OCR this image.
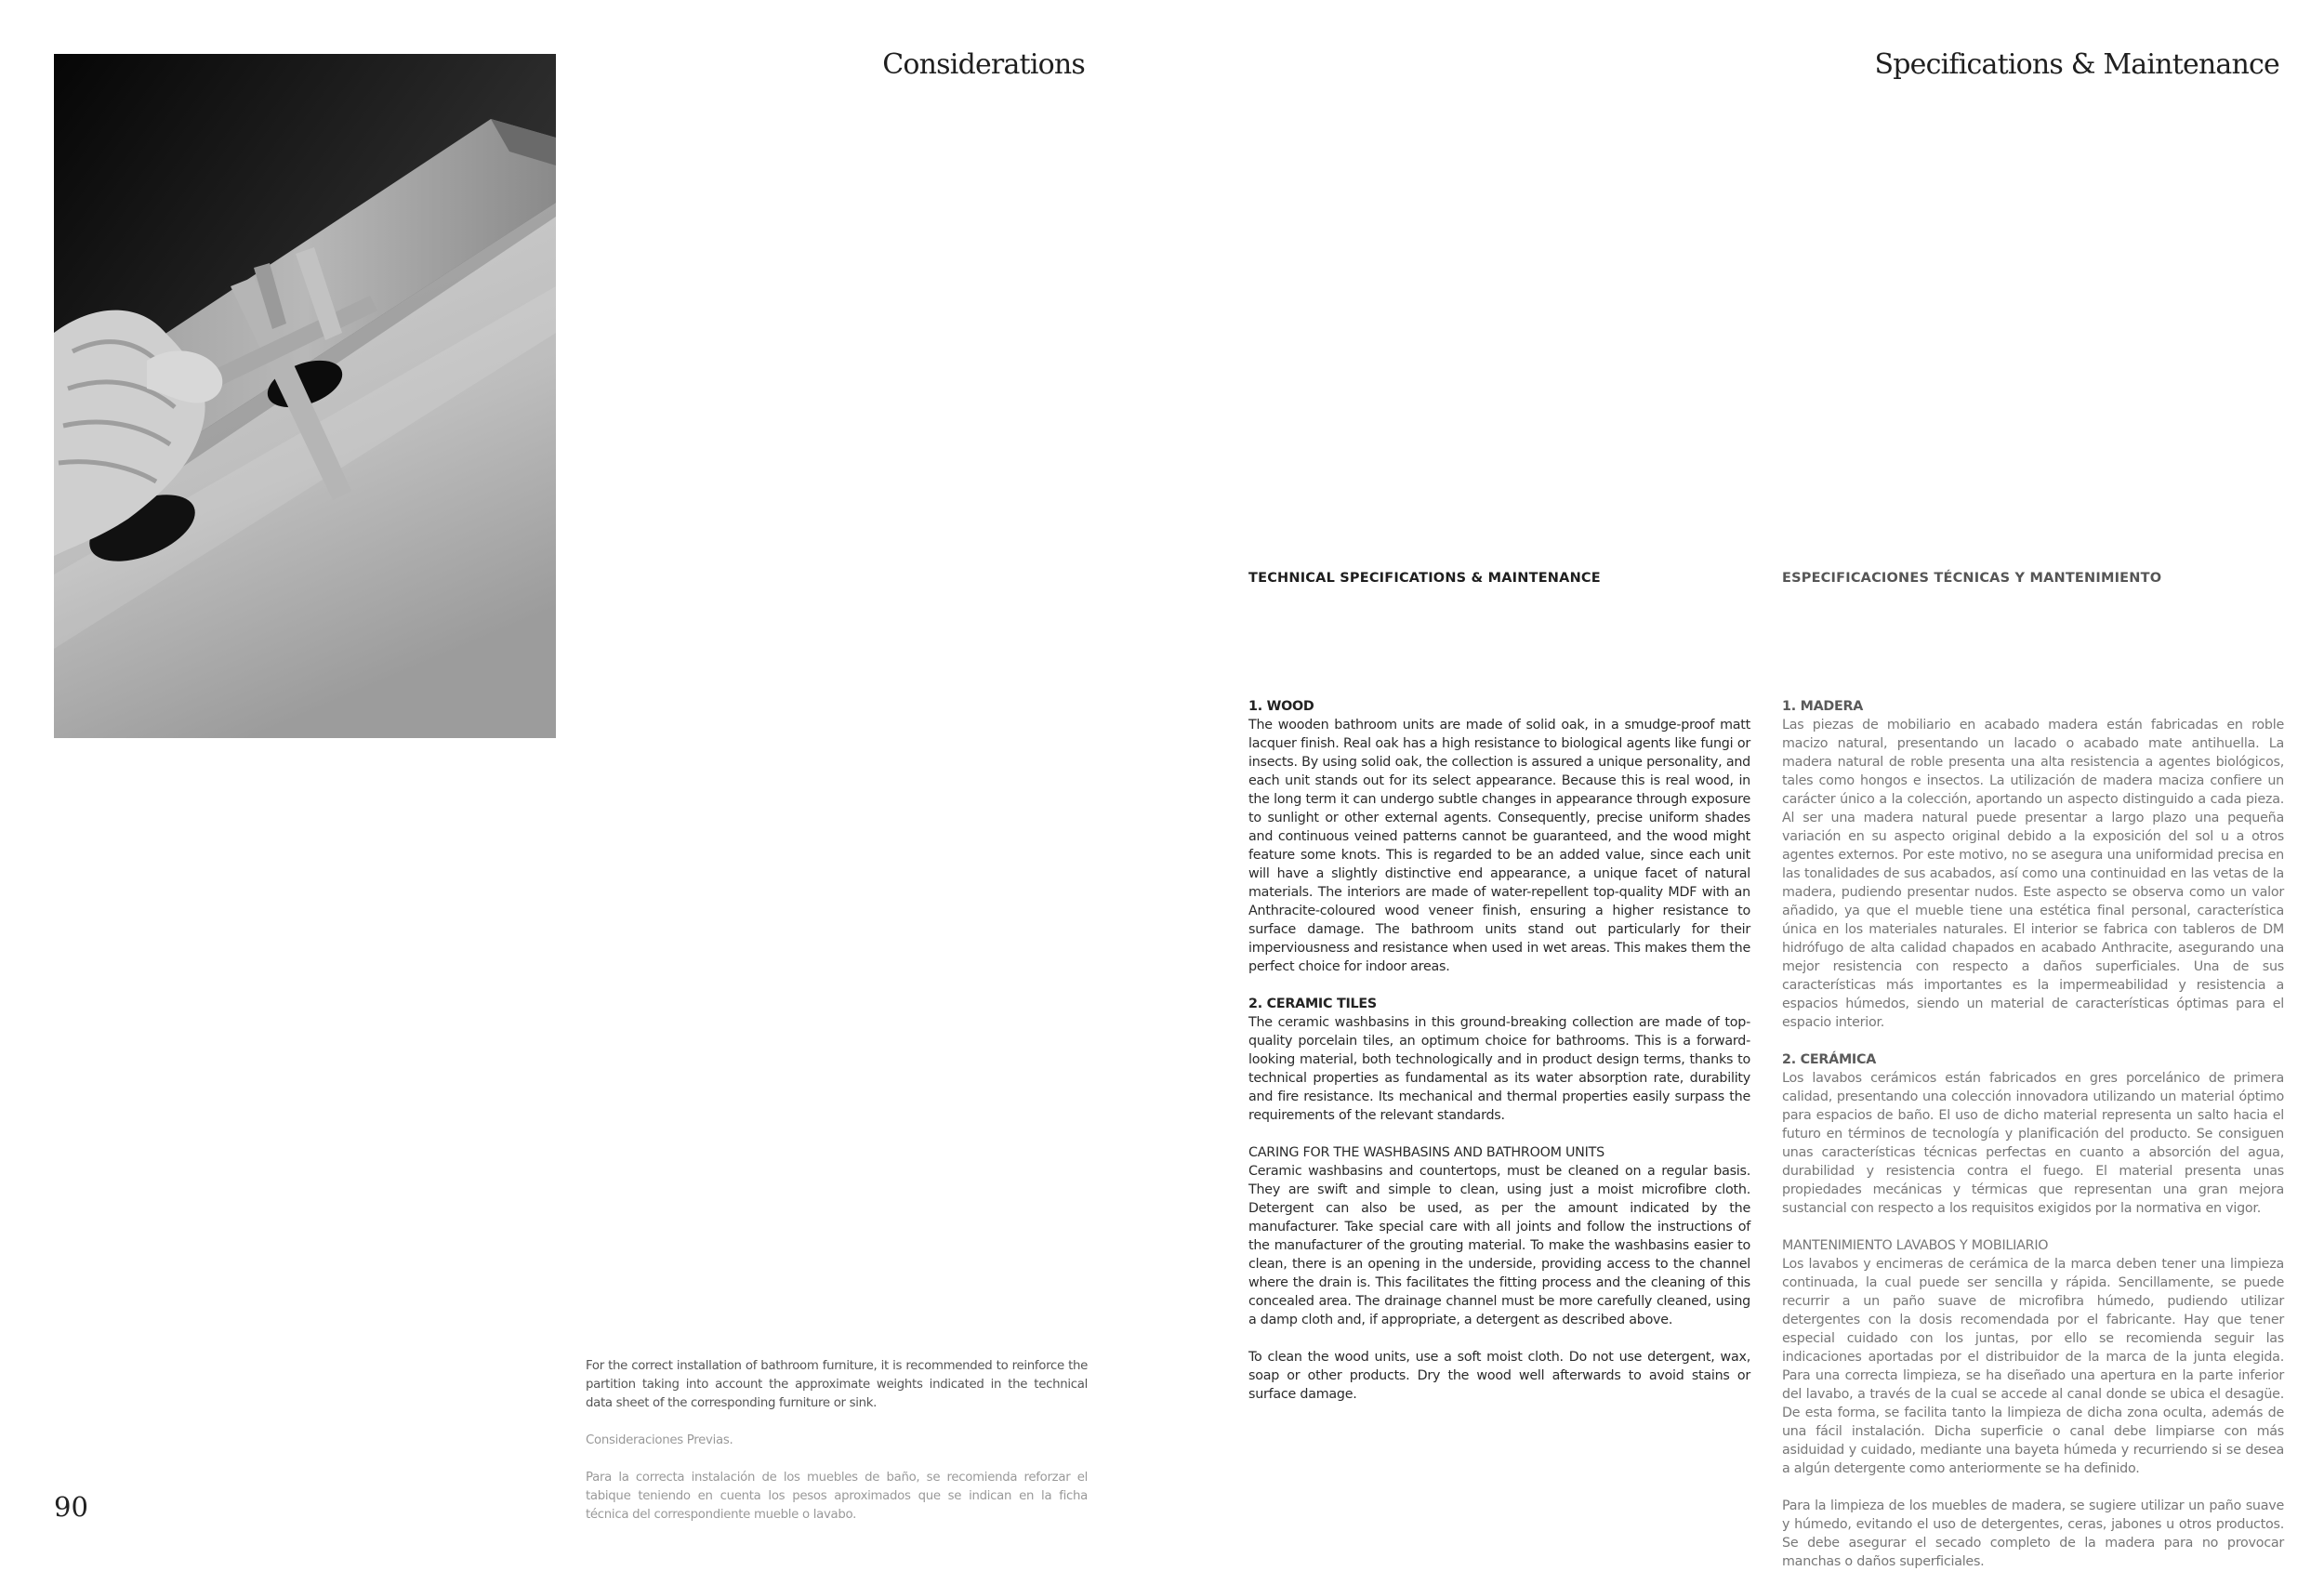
Considerations	Specifications & Maintenance
TECHNICAL SPECIFICATIONS & MAINTENANCE	ESPECIFICACIONES TÉCNICAS Y MANTENIMIENTO

1. WOOD

The wooden bathroom units are made of solid oak, in a smudge-proof matt lacquer finish. Real oak has a high resistance to biological agents like fungi or insects. By using solid oak, the collection is assured a unique personality, and each unit stands out for its select appearance. Because this is real wood, in the long term it can undergo subtle changes in appearance through exposure to sunlight or other external agents. Consequently, precise uniform shades and continuous veined patterns cannot be guaranteed, and the wood might feature some knots. This is regarded to be an added value, since each unit will have a slightly distinctive end appearance, a unique facet of natural materials. The interiors are made of water-repellent top-quality MDF with an Anthracite-coloured wood veneer finish, ensuring a higher resistance to surface damage. The bathroom units stand out particularly for their imperviousness and resistance when used in wet areas. This makes them the perfect choice for indoor areas.

2. CERAMIC TILES

The ceramic washbasins in this ground-breaking collection are made of top-quality porcelain tiles, an optimum choice for bathrooms. This is a forward-looking material, both technologically and in product design terms, thanks to technical properties as fundamental as its water absorption rate, durability and fire resistance. Its mechanical and thermal properties easily surpass the requirements of the relevant standards.

CARING FOR THE WASHBASINS AND BATHROOM UNITS

Ceramic washbasins and countertops, must be cleaned on a regular basis. They are swift and simple to clean, using just a moist microfibre cloth. Detergent can also be used, as per the amount indicated by the manufacturer. Take special care with all joints and follow the instructions of the manufacturer of the grouting material. To make the washbasins easier to clean, there is an opening in the underside, providing access to the channel where the drain is. This facilitates the fitting process and the cleaning of this concealed area. The drainage channel must be more carefully cleaned, using a damp cloth and, if appropriate, a detergent as described above.

To clean the wood units, use a soft moist cloth. Do not use detergent, wax, soap or other products. Dry the wood well afterwards to avoid stains or surface damage.

1. MADERA

Las piezas de mobiliario en acabado madera están fabricadas en roble macizo natural, presentando un lacado o acabado mate antihuella. La madera natural de roble presenta una alta resistencia a agentes biológicos, tales como hongos e insectos. La utilización de madera maciza confiere un carácter único a la colección, aportando un aspecto distinguido a cada pieza. Al ser una madera natural puede presentar a largo plazo una pequeña variación en su aspecto original debido a la exposición del sol u a otros agentes externos. Por este motivo, no se asegura una uniformidad precisa en las tonalidades de sus acabados, así como una continuidad en las vetas de la madera, pudiendo presentar nudos. Este aspecto se observa como un valor añadido, ya que el mueble tiene una estética final personal, característica única en los materiales naturales. El interior se fabrica con tableros de DM hidrófugo de alta calidad chapados en acabado Anthracite, asegurando una mejor resistencia con respecto a daños superficiales. Una de sus características más importantes es la impermeabilidad y resistencia a espacios húmedos, siendo un material de características óptimas para el espacio interior.

2. CERÁMICA

Los lavabos cerámicos están fabricados en gres porcelánico de primera calidad, presentando una colección innovadora utilizando un material óptimo para espacios de baño. El uso de dicho material representa un salto hacia el futuro en términos de tecnología y planificación del producto. Se consiguen unas características técnicas perfectas en cuanto a absorción del agua, durabilidad y resistencia contra el fuego. El material presenta unas propiedades mecánicas y térmicas que representan una gran mejora sustancial con respecto a los requisitos exigidos por la normativa en vigor.

MANTENIMIENTO LAVABOS Y MOBILIARIO

Los lavabos y encimeras de cerámica de la marca deben tener una limpieza continuada, la cual puede ser sencilla y rápida. Sencillamente, se puede recurrir a un paño suave de microfibra húmedo, pudiendo utilizar detergentes con la dosis recomendada por el fabricante. Hay que tener especial cuidado con los juntas, por ello se recomienda seguir las indicaciones aportadas por el distribuidor de la marca de la junta elegida. Para una correcta limpieza, se ha diseñado una apertura en la parte inferior del lavabo, a través de la cual se accede al canal donde se ubica el desagüe. De esta forma, se facilita tanto la limpieza de dicha zona oculta, además de una fácil instalación. Dicha superficie o canal debe limpiarse con más asiduidad y cuidado, mediante una bayeta húmeda y recurriendo si se desea a algún detergente como anteriormente se ha definido.

Para la limpieza de los muebles de madera, se sugiere utilizar un paño suave y húmedo, evitando el uso de detergentes, ceras, jabones u otros productos. Se debe asegurar el secado completo de la madera para no provocar manchas o daños superficiales.

For the correct installation of bathroom furniture, it is recommended to reinforce the partition taking into account the approximate weights indicated in the technical data sheet of the corresponding furniture or sink.

Consideraciones Previas.

Para la correcta instalación de los muebles de baño, se recomienda reforzar el tabique teniendo en cuenta los pesos aproximados que se indican en la ficha técnica del correspondiente mueble o lavabo.

90
